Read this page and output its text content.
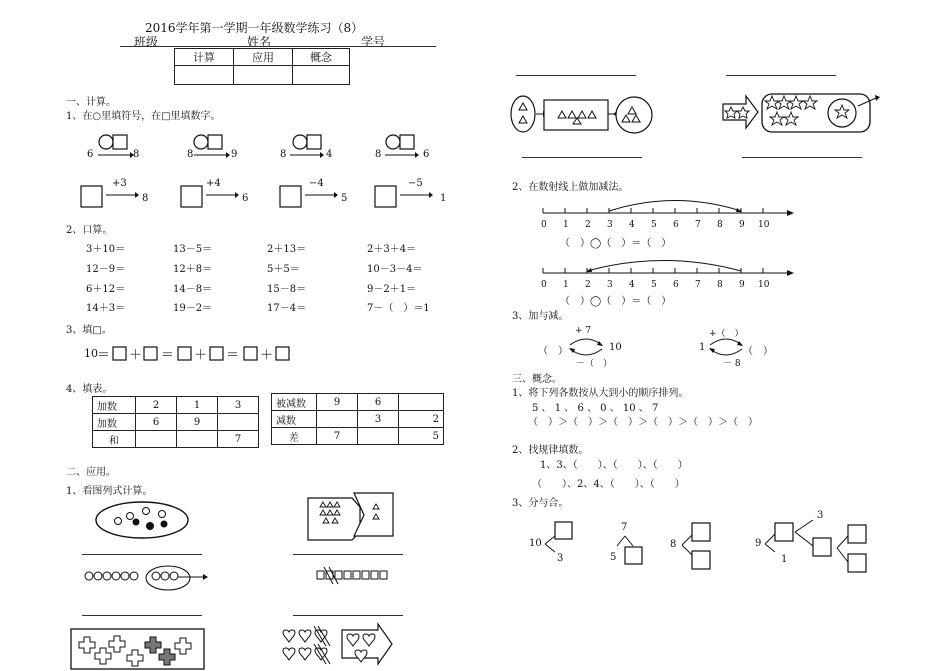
2016学年第一学期一年级数学练习（8）
班级	姓名	学号
计算	应用	概念

一、计算。
1、在○里填符号，在□里填数字。
6	8	8	9	8	4	8	6
+3
8
+4
6
−4
5
−5
1
2、口算。
3＋10＝	13－5＝	2＋13＝	2＋3＋4＝
12－9＝	12＋8＝	5＋5＝	10－3－4＝
6＋12＝	14－8＝	15－8＝	9－2＋1＝
14＋3＝	19－2＝	17－4＝	7－（　）＝1
3、填□。
10 ＝ ＋ ＝ ＋ ＝ ＋
4、填表。
加数	2	1	3
加数	6	9	
和			7
被减数	9	6	
减数		3	2
差	7		5
二、应用。
1、看图列式计算。
2、在数射线上做加减法。
0 1 2 3 4 5 6 7 8 9 10
（　）◯（　）＝（　）
0 1 2 3 4 5 6 7 8 9 10
（　）◯（　）＝（　）
3、加与减。
+ 7
（　）	10
－（　）
+（　）
1	（　）
－ 8
三、概念。
1、将下列各数按从大到小的顺序排列。
5 、 1 、 6 、 0 、 10 、 7
（　）＞（　）＞（　）＞（　）＞（　）＞（　）
2、找规律填数。
1、3、（　　）、（　　）、（　　）
（　　）、2、4、（　　）、（　　）
3、分与合。
10
3
7
5
8	9
3
1
